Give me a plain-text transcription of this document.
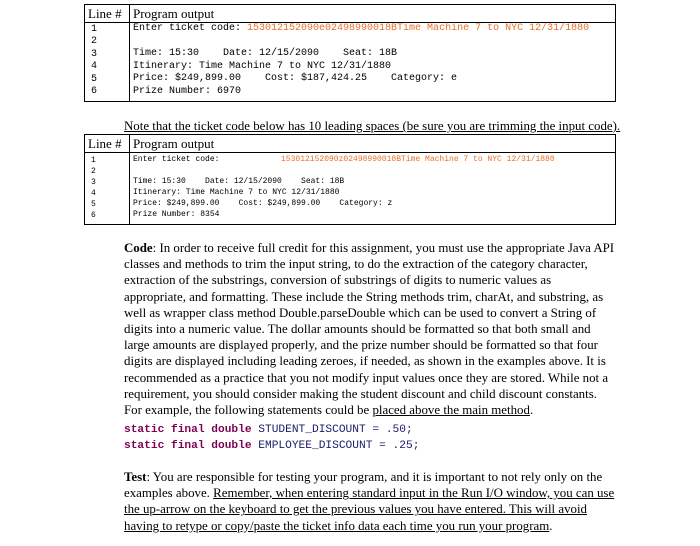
Line # Program output
1
2
3
4
5
6
Enter ticket code: 153012152090e02498990018BTime Machine 7 to NYC 12/31/1880

Time: 15:30    Date: 12/15/2090    Seat: 18B
Itinerary: Time Machine 7 to NYC 12/31/1880
Price: $249,899.00    Cost: $187,424.25    Category: e
Prize Number: 6970
Note that the ticket code below has 10 leading spaces (be sure you are trimming the input code).
Line # Program output
1
2
3
4
5
6
Enter ticket code:

Time: 15:30    Date: 12/15/2090    Seat: 18B
Itinerary: Time Machine 7 to NYC 12/31/1880
Price: $249,899.00    Cost: $249,899.00    Category: z
Prize Number: 8354
153012152090z02498990018BTime Machine 7 to NYC 12/31/1880

Code: In order to receive full credit for this assignment, you must use the appropriate Java API classes and methods to trim the input string, to do the extraction of the category character, extraction of the substrings, conversion of substrings of digits to numeric values as appropriate, and formatting. These include the String methods trim, charAt, and substring, as well as wrapper class method Double.parseDouble which can be used to convert a String of digits into a numeric value. The dollar amounts should be formatted so that both small and large amounts are displayed properly, and the prize number should be formatted so that four digits are displayed including leading zeroes, if needed, as shown in the examples above. It is recommended as a practice that you not modify input values once they are stored. While not a requirement, you should consider making the student discount and child discount constants. For example, the following statements could be placed above the main method.

static final double STUDENT_DISCOUNT = .50;
static final double EMPLOYEE_DISCOUNT = .25;

Test: You are responsible for testing your program, and it is important to not rely only on the examples above. Remember, when entering standard input in the Run I/O window, you can use the up-arrow on the keyboard to get the previous values you have entered. This will avoid having to retype or copy/paste the ticket info data each time you run your program.
